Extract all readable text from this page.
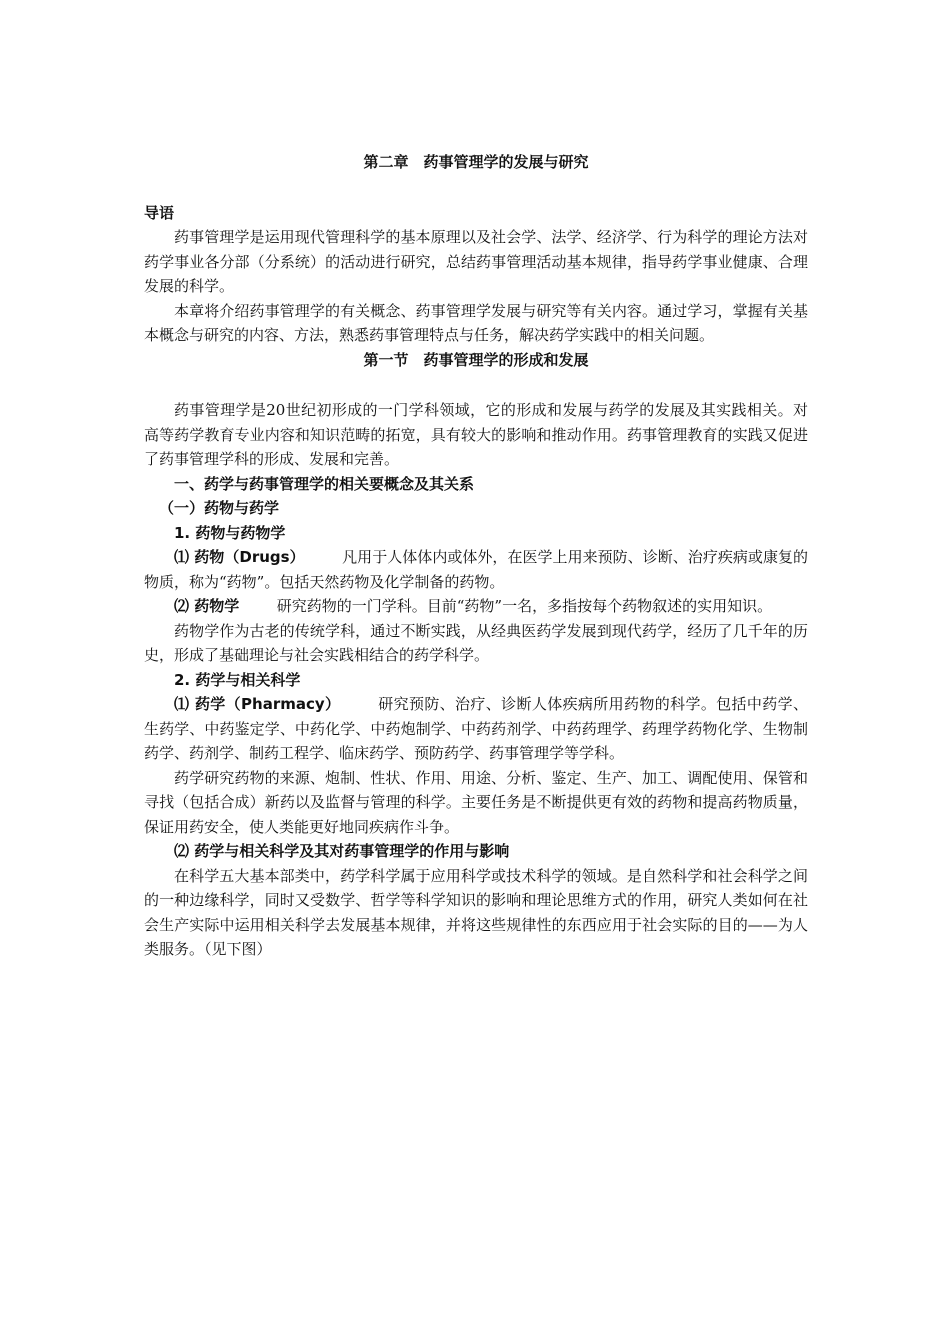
第二章　药事管理学的发展与研究
导语

药事管理学是运用现代管理科学的基本原理以及社会学、法学、经济学、行为科学的理论方法对药学事业各分部（分系统）的活动进行研究，总结药事管理活动基本规律，指导药学事业健康、合理发展的科学。

本章将介绍药事管理学的有关概念、药事管理学发展与研究等有关内容。通过学习，掌握有关基本概念与研究的内容、方法，熟悉药事管理特点与任务，解决药学实践中的相关问题。

第一节　药事管理学的形成和发展

药事管理学是20世纪初形成的一门学科领域，它的形成和发展与药学的发展及其实践相关。对高等药学教育专业内容和知识范畴的拓宽，具有较大的影响和推动作用。药事管理教育的实践又促进了药事管理学科的形成、发展和完善。

一、药学与药事管理学的相关要概念及其关系
（一）药物与药学
1. 药物与药物学

⑴ 药物（Drugs）	凡用于人体体内或体外，在医学上用来预防、诊断、治疗疾病或康复的物质，称为“药物”。包括天然药物及化学制备的药物。

⑵ 药物学	研究药物的一门学科。目前“药物”一名，多指按每个药物叙述的实用知识。

药物学作为古老的传统学科，通过不断实践，从经典医药学发展到现代药学，经历了几千年的历史，形成了基础理论与社会实践相结合的药学科学。

2. 药学与相关科学

⑴ 药学（Pharmacy）	研究预防、治疗、诊断人体疾病所用药物的科学。包括中药学、生药学、中药鉴定学、中药化学、中药炮制学、中药药剂学、中药药理学、药理学药物化学、生物制药学、药剂学、制药工程学、临床药学、预防药学、药事管理学等学科。

药学研究药物的来源、炮制、性状、作用、用途、分析、鉴定、生产、加工、调配使用、保管和寻找（包括合成）新药以及监督与管理的科学。主要任务是不断提供更有效的药物和提高药物质量，保证用药安全，使人类能更好地同疾病作斗争。

⑵ 药学与相关科学及其对药事管理学的作用与影响

在科学五大基本部类中，药学科学属于应用科学或技术科学的领域。是自然科学和社会科学之间的一种边缘科学，同时又受数学、哲学等科学知识的影响和理论思维方式的作用，研究人类如何在社会生产实际中运用相关科学去发展基本规律，并将这些规律性的东西应用于社会实际的目的——为人类服务。（见下图）
